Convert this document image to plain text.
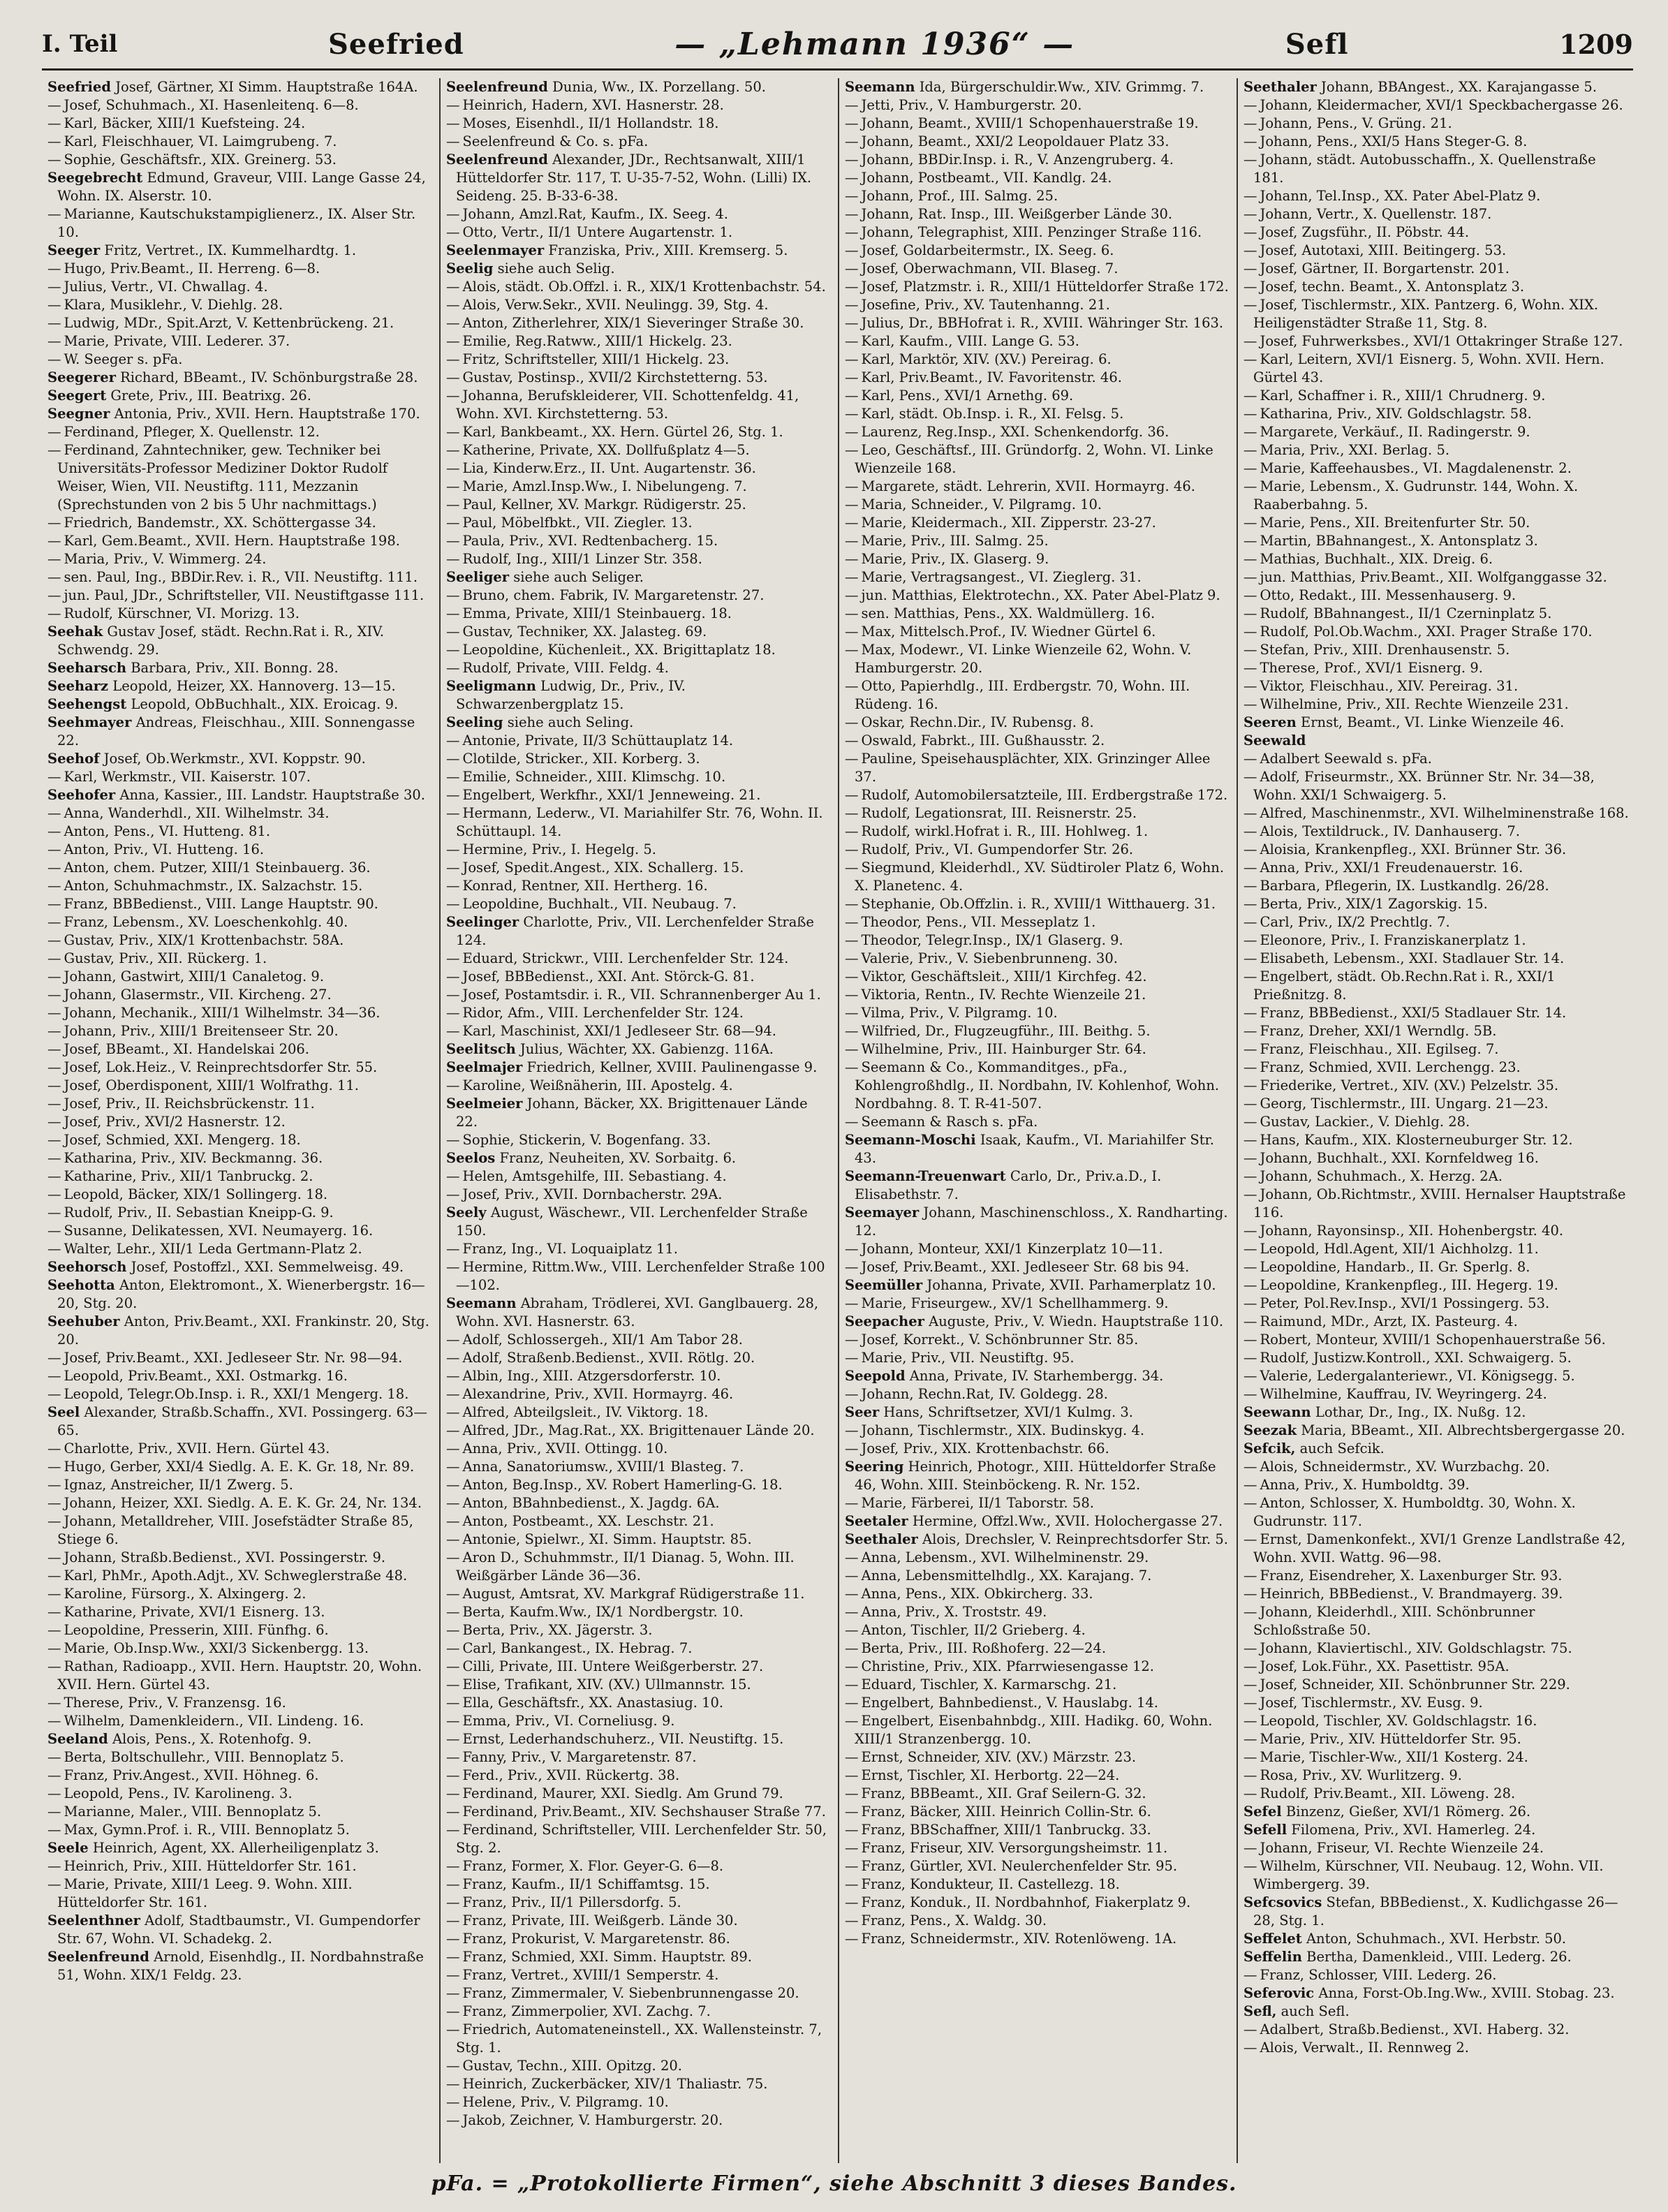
I. Teil	Seefried	— „Lehmann 1936“ —	Sefl	1209

Seefried Josef, Gärtner, XI Simm. Hauptstraße 164A.

— Josef, Schuhmach., XI. Hasenleitenq. 6—8.

— Karl, Bäcker, XIII/1 Kuefsteing. 24.

— Karl, Fleischhauer, VI. Laimgrubeng. 7.

— Sophie, Geschäftsfr., XIX. Greinerg. 53.

Seegebrecht Edmund, Graveur, VIII. Lange Gasse 24, Wohn. IX. Alserstr. 10.

— Marianne, Kautschukstampiglienerz., IX. Alser Str. 10.

Seeger Fritz, Vertret., IX. Kummelhardtg. 1.

— Hugo, Priv.Beamt., II. Herreng. 6—8.

— Julius, Vertr., VI. Chwallag. 4.

— Klara, Musiklehr., V. Diehlg. 28.

— Ludwig, MDr., Spit.Arzt, V. Kettenbrückeng. 21.

— Marie, Private, VIII. Lederer. 37.

— W. Seeger s. pFa.

Seegerer Richard, BBeamt., IV. Schönburgstraße 28.

Seegert Grete, Priv., III. Beatrixg. 26.

Seegner Antonia, Priv., XVII. Hern. Hauptstraße 170.

— Ferdinand, Pfleger, X. Quellenstr. 12.

— Ferdinand, Zahntechniker, gew. Techniker bei Universitäts-Professor Mediziner Doktor Rudolf Weiser, Wien, VII. Neustiftg. 111, Mezzanin (Sprechstunden von 2 bis 5 Uhr nachmittags.)

— Friedrich, Bandemstr., XX. Schöttergasse 34.

— Karl, Gem.Beamt., XVII. Hern. Hauptstraße 198.

— Maria, Priv., V. Wimmerg. 24.

— sen. Paul, Ing., BBDir.Rev. i. R., VII. Neustiftg. 111.

— jun. Paul, JDr., Schriftsteller, VII. Neustiftgasse 111.

— Rudolf, Kürschner, VI. Morizg. 13.

Seehak Gustav Josef, städt. Rechn.Rat i. R., XIV. Schwendg. 29.

Seeharsch Barbara, Priv., XII. Bonng. 28.

Seeharz Leopold, Heizer, XX. Hannoverg. 13—15.

Seehengst Leopold, ObBuchhalt., XIX. Eroicag. 9.

Seehmayer Andreas, Fleischhau., XIII. Sonnengasse 22.

Seehof Josef, Ob.Werkmstr., XVI. Koppstr. 90.

— Karl, Werkmstr., VII. Kaiserstr. 107.

Seehofer Anna, Kassier., III. Landstr. Hauptstraße 30.

— Anna, Wanderhdl., XII. Wilhelmstr. 34.

— Anton, Pens., VI. Hutteng. 81.

— Anton, Priv., VI. Hutteng. 16.

— Anton, chem. Putzer, XIII/1 Steinbauerg. 36.

— Anton, Schuhmachmstr., IX. Salzachstr. 15.

— Franz, BBBedienst., VIII. Lange Hauptstr. 90.

— Franz, Lebensm., XV. Loeschenkohlg. 40.

— Gustav, Priv., XIX/1 Krottenbachstr. 58A.

— Gustav, Priv., XII. Rückerg. 1.

— Johann, Gastwirt, XIII/1 Canaletog. 9.

— Johann, Glasermstr., VII. Kircheng. 27.

— Johann, Mechanik., XIII/1 Wilhelmstr. 34—36.

— Johann, Priv., XIII/1 Breitenseer Str. 20.

— Josef, BBeamt., XI. Handelskai 206.

— Josef, Lok.Heiz., V. Reinprechtsdorfer Str. 55.

— Josef, Oberdisponent, XIII/1 Wolfrathg. 11.

— Josef, Priv., II. Reichsbrückenstr. 11.

— Josef, Priv., XVI/2 Hasnerstr. 12.

— Josef, Schmied, XXI. Mengerg. 18.

— Katharina, Priv., XIV. Beckmanng. 36.

— Katharine, Priv., XII/1 Tanbruckg. 2.

— Leopold, Bäcker, XIX/1 Sollingerg. 18.

— Rudolf, Priv., II. Sebastian Kneipp-G. 9.

— Susanne, Delikatessen, XVI. Neumayerg. 16.

— Walter, Lehr., XII/1 Leda Gertmann-Platz 2.

Seehorsch Josef, Postoffzl., XXI. Semmelweisg. 49.

Seehotta Anton, Elektromont., X. Wienerbergstr. 16—20, Stg. 20.

Seehuber Anton, Priv.Beamt., XXI. Frankinstr. 20, Stg. 20.

— Josef, Priv.Beamt., XXI. Jedleseer Str. Nr. 98—94.

— Leopold, Priv.Beamt., XXI. Ostmarkg. 16.

— Leopold, Telegr.Ob.Insp. i. R., XXI/1 Mengerg. 18.

Seel Alexander, Straßb.Schaffn., XVI. Possingerg. 63—65.

— Charlotte, Priv., XVII. Hern. Gürtel 43.

— Hugo, Gerber, XXI/4 Siedlg. A. E. K. Gr. 18, Nr. 89.

— Ignaz, Anstreicher, II/1 Zwerg. 5.

— Johann, Heizer, XXI. Siedlg. A. E. K. Gr. 24, Nr. 134.

— Johann, Metalldreher, VIII. Josefstädter Straße 85, Stiege 6.

— Johann, Straßb.Bedienst., XVI. Possingerstr. 9.

— Karl, PhMr., Apoth.Adjt., XV. Schweglerstraße 48.

— Karoline, Fürsorg., X. Alxingerg. 2.

— Katharine, Private, XVI/1 Eisnerg. 13.

— Leopoldine, Presserin, XIII. Fünfhg. 6.

— Marie, Ob.Insp.Ww., XXI/3 Sickenbergg. 13.

— Rathan, Radioapp., XVII. Hern. Hauptstr. 20, Wohn. XVII. Hern. Gürtel 43.

— Therese, Priv., V. Franzensg. 16.

— Wilhelm, Damenkleidern., VII. Lindeng. 16.

Seeland Alois, Pens., X. Rotenhofg. 9.

— Berta, Boltschullehr., VIII. Bennoplatz 5.

— Franz, Priv.Angest., XVII. Höhneg. 6.

— Leopold, Pens., IV. Karolineng. 3.

— Marianne, Maler., VIII. Bennoplatz 5.

— Max, Gymn.Prof. i. R., VIII. Bennoplatz 5.

Seele Heinrich, Agent, XX. Allerheiligenplatz 3.

— Heinrich, Priv., XIII. Hütteldorfer Str. 161.

— Marie, Private, XIII/1 Leeg. 9. Wohn. XIII. Hütteldorfer Str. 161.

Seelenthner Adolf, Stadtbaumstr., VI. Gumpendorfer Str. 67, Wohn. VI. Schadekg. 2.

Seelenfreund Arnold, Eisenhdlg., II. Nordbahnstraße 51, Wohn. XIX/1 Feldg. 23.

Seelenfreund Dunia, Ww., IX. Porzellang. 50.

— Heinrich, Hadern, XVI. Hasnerstr. 28.

— Moses, Eisenhdl., II/1 Hollandstr. 18.

— Seelenfreund & Co. s. pFa.

Seelenfreund Alexander, JDr., Rechtsanwalt, XIII/1 Hütteldorfer Str. 117, T. U-35-7-52, Wohn. (Lilli) IX. Seideng. 25. B-33-6-38.

— Johann, Amzl.Rat, Kaufm., IX. Seeg. 4.

— Otto, Vertr., II/1 Untere Augartenstr. 1.

Seelenmayer Franziska, Priv., XIII. Kremserg. 5.

Seelig siehe auch Selig.

— Alois, städt. Ob.Offzl. i. R., XIX/1 Krottenbachstr. 54.

— Alois, Verw.Sekr., XVII. Neulingg. 39, Stg. 4.

— Anton, Zitherlehrer, XIX/1 Sieveringer Straße 30.

— Emilie, Reg.Ratww., XIII/1 Hickelg. 23.

— Fritz, Schriftsteller, XIII/1 Hickelg. 23.

— Gustav, Postinsp., XVII/2 Kirchstetterng. 53.

— Johanna, Berufskleiderer, VII. Schottenfeldg. 41, Wohn. XVI. Kirchstetterng. 53.

— Karl, Bankbeamt., XX. Hern. Gürtel 26, Stg. 1.

— Katherine, Private, XX. Dollfußplatz 4—5.

— Lia, Kinderw.Erz., II. Unt. Augartenstr. 36.

— Marie, Amzl.Insp.Ww., I. Nibelungeng. 7.

— Paul, Kellner, XV. Markgr. Rüdigerstr. 25.

— Paul, Möbelfbkt., VII. Ziegler. 13.

— Paula, Priv., XVI. Redtenbacherg. 15.

— Rudolf, Ing., XIII/1 Linzer Str. 358.

Seeliger siehe auch Seliger.

— Bruno, chem. Fabrik, IV. Margaretenstr. 27.

— Emma, Private, XIII/1 Steinbauerg. 18.

— Gustav, Techniker, XX. Jalasteg. 69.

— Leopoldine, Küchenleit., XX. Brigittaplatz 18.

— Rudolf, Private, VIII. Feldg. 4.

Seeligmann Ludwig, Dr., Priv., IV. Schwarzenbergplatz 15.

Seeling siehe auch Seling.

— Antonie, Private, II/3 Schüttauplatz 14.

— Clotilde, Stricker., XII. Korberg. 3.

— Emilie, Schneider., XIII. Klimschg. 10.

— Engelbert, Werkfhr., XXI/1 Jenneweing. 21.

— Hermann, Lederw., VI. Mariahilfer Str. 76, Wohn. II. Schüttaupl. 14.

— Hermine, Priv., I. Hegelg. 5.

— Josef, Spedit.Angest., XIX. Schallerg. 15.

— Konrad, Rentner, XII. Hertherg. 16.

— Leopoldine, Buchhalt., VII. Neubaug. 7.

Seelinger Charlotte, Priv., VII. Lerchenfelder Straße 124.

— Eduard, Strickwr., VIII. Lerchenfelder Str. 124.

— Josef, BBBedienst., XXI. Ant. Störck-G. 81.

— Josef, Postamtsdir. i. R., VII. Schrannenberger Au 1.

— Ridor, Afm., VIII. Lerchenfelder Str. 124.

— Karl, Maschinist, XXI/1 Jedleseer Str. 68—94.

Seelitsch Julius, Wächter, XX. Gabienzg. 116A.

Seelmajer Friedrich, Kellner, XVIII. Paulinengasse 9.

— Karoline, Weißnäherin, III. Apostelg. 4.

Seelmeier Johann, Bäcker, XX. Brigittenauer Lände 22.

— Sophie, Stickerin, V. Bogenfang. 33.

Seelos Franz, Neuheiten, XV. Sorbaitg. 6.

— Helen, Amtsgehilfe, III. Sebastiang. 4.

— Josef, Priv., XVII. Dornbacherstr. 29A.

Seely August, Wäschewr., VII. Lerchenfelder Straße 150.

— Franz, Ing., VI. Loquaiplatz 11.

— Hermine, Rittm.Ww., VIII. Lerchenfelder Straße 100—102.

Seemann Abraham, Trödlerei, XVI. Ganglbauerg. 28, Wohn. XVI. Hasnerstr. 63.

— Adolf, Schlossergeh., XII/1 Am Tabor 28.

— Adolf, Straßenb.Bedienst., XVII. Rötlg. 20.

— Albin, Ing., XIII. Atzgersdorferstr. 10.

— Alexandrine, Priv., XVII. Hormayrg. 46.

— Alfred, Abteilgsleit., IV. Viktorg. 18.

— Alfred, JDr., Mag.Rat., XX. Brigittenauer Lände 20.

— Anna, Priv., XVII. Ottingg. 10.

— Anna, Sanatoriumsw., XVIII/1 Blasteg. 7.

— Anton, Beg.Insp., XV. Robert Hamerling-G. 18.

— Anton, BBahnbedienst., X. Jagdg. 6A.

— Anton, Postbeamt., XX. Leschstr. 21.

— Antonie, Spielwr., XI. Simm. Hauptstr. 85.

— Aron D., Schuhmmstr., II/1 Dianag. 5, Wohn. III. Weißgärber Lände 36—36.

— August, Amtsrat, XV. Markgraf Rüdigerstraße 11.

— Berta, Kaufm.Ww., IX/1 Nordbergstr. 10.

— Berta, Priv., XX. Jägerstr. 3.

— Carl, Bankangest., IX. Hebrag. 7.

— Cilli, Private, III. Untere Weißgerberstr. 27.

— Elise, Trafikant, XIV. (XV.) Ullmannstr. 15.

— Ella, Geschäftsfr., XX. Anastasiug. 10.

— Emma, Priv., VI. Corneliusg. 9.

— Ernst, Lederhandschuherz., VII. Neustiftg. 15.

— Fanny, Priv., V. Margaretenstr. 87.

— Ferd., Priv., XVII. Rückertg. 38.

— Ferdinand, Maurer, XXI. Siedlg. Am Grund 79.

— Ferdinand, Priv.Beamt., XIV. Sechshauser Straße 77.

— Ferdinand, Schriftsteller, VIII. Lerchenfelder Str. 50, Stg. 2.

— Franz, Former, X. Flor. Geyer-G. 6—8.

— Franz, Kaufm., II/1 Schiffamtsg. 15.

— Franz, Priv., II/1 Pillersdorfg. 5.

— Franz, Private, III. Weißgerb. Lände 30.

— Franz, Prokurist, V. Margaretenstr. 86.

— Franz, Schmied, XXI. Simm. Hauptstr. 89.

— Franz, Vertret., XVIII/1 Semperstr. 4.

— Franz, Zimmermaler, V. Siebenbrunnengasse 20.

— Franz, Zimmerpolier, XVI. Zachg. 7.

— Friedrich, Automateneinstell., XX. Wallensteinstr. 7, Stg. 1.

— Gustav, Techn., XIII. Opitzg. 20.

— Heinrich, Zuckerbäcker, XIV/1 Thaliastr. 75.

— Helene, Priv., V. Pilgramg. 10.

— Jakob, Zeichner, V. Hamburgerstr. 20.

Seemann Ida, Bürgerschuldir.Ww., XIV. Grimmg. 7.

— Jetti, Priv., V. Hamburgerstr. 20.

— Johann, Beamt., XVIII/1 Schopenhauerstraße 19.

— Johann, Beamt., XXI/2 Leopoldauer Platz 33.

— Johann, BBDir.Insp. i. R., V. Anzengruberg. 4.

— Johann, Postbeamt., VII. Kandlg. 24.

— Johann, Prof., III. Salmg. 25.

— Johann, Rat. Insp., III. Weißgerber Lände 30.

— Johann, Telegraphist, XIII. Penzinger Straße 116.

— Josef, Goldarbeitermstr., IX. Seeg. 6.

— Josef, Oberwachmann, VII. Blaseg. 7.

— Josef, Platzmstr. i. R., XIII/1 Hütteldorfer Straße 172.

— Josefine, Priv., XV. Tautenhanng. 21.

— Julius, Dr., BBHofrat i. R., XVIII. Währinger Str. 163.

— Karl, Kaufm., VIII. Lange G. 53.

— Karl, Marktör, XIV. (XV.) Pereirag. 6.

— Karl, Priv.Beamt., IV. Favoritenstr. 46.

— Karl, Pens., XVI/1 Arnethg. 69.

— Karl, städt. Ob.Insp. i. R., XI. Felsg. 5.

— Laurenz, Reg.Insp., XXI. Schenkendorfg. 36.

— Leo, Geschäftsf., III. Gründorfg. 2, Wohn. VI. Linke Wienzeile 168.

— Margarete, städt. Lehrerin, XVII. Hormayrg. 46.

— Maria, Schneider., V. Pilgramg. 10.

— Marie, Kleidermach., XII. Zipperstr. 23-27.

— Marie, Priv., III. Salmg. 25.

— Marie, Priv., IX. Glaserg. 9.

— Marie, Vertragsangest., VI. Zieglerg. 31.

— jun. Matthias, Elektrotechn., XX. Pater Abel-Platz 9.

— sen. Matthias, Pens., XX. Waldmüllerg. 16.

— Max, Mittelsch.Prof., IV. Wiedner Gürtel 6.

— Max, Modewr., VI. Linke Wienzeile 62, Wohn. V. Hamburgerstr. 20.

— Otto, Papierhdlg., III. Erdbergstr. 70, Wohn. III. Rüdeng. 16.

— Oskar, Rechn.Dir., IV. Rubensg. 8.

— Oswald, Fabrkt., III. Gußhausstr. 2.

— Pauline, Speisehausplächter, XIX. Grinzinger Allee 37.

— Rudolf, Automobilersatzteile, III. Erdbergstraße 172.

— Rudolf, Legationsrat, III. Reisnerstr. 25.

— Rudolf, wirkl.Hofrat i. R., III. Hohlweg. 1.

— Rudolf, Priv., VI. Gumpendorfer Str. 26.

— Siegmund, Kleiderhdl., XV. Südtiroler Platz 6, Wohn. X. Planetenc. 4.

— Stephanie, Ob.Offzlin. i. R., XVIII/1 Witthauerg. 31.

— Theodor, Pens., VII. Messeplatz 1.

— Theodor, Telegr.Insp., IX/1 Glaserg. 9.

— Valerie, Priv., V. Siebenbrunneng. 30.

— Viktor, Geschäftsleit., XIII/1 Kirchfeg. 42.

— Viktoria, Rentn., IV. Rechte Wienzeile 21.

— Vilma, Priv., V. Pilgramg. 10.

— Wilfried, Dr., Flugzeugführ., III. Beithg. 5.

— Wilhelmine, Priv., III. Hainburger Str. 64.

— Seemann & Co., Kommanditges., pFa., Kohlengroßhdlg., II. Nordbahn, IV. Kohlenhof, Wohn. Nordbahng. 8. T. R-41-507.

— Seemann & Rasch s. pFa.

Seemann-Moschi Isaak, Kaufm., VI. Mariahilfer Str. 43.

Seemann-Treuenwart Carlo, Dr., Priv.a.D., I. Elisabethstr. 7.

Seemayer Johann, Maschinenschloss., X. Randharting. 12.

— Johann, Monteur, XXI/1 Kinzerplatz 10—11.

— Josef, Priv.Beamt., XXI. Jedleseer Str. 68 bis 94.

Seemüller Johanna, Private, XVII. Parhamerplatz 10.

— Marie, Friseurgew., XV/1 Schellhammerg. 9.

Seepacher Auguste, Priv., V. Wiedn. Hauptstraße 110.

— Josef, Korrekt., V. Schönbrunner Str. 85.

— Marie, Priv., VII. Neustiftg. 95.

Seepold Anna, Private, IV. Starhembergg. 34.

— Johann, Rechn.Rat, IV. Goldegg. 28.

Seer Hans, Schriftsetzer, XVI/1 Kulmg. 3.

— Johann, Tischlermstr., XIX. Budinskyg. 4.

— Josef, Priv., XIX. Krottenbachstr. 66.

Seering Heinrich, Photogr., XIII. Hütteldorfer Straße 46, Wohn. XIII. Steinböckeng. R. Nr. 152.

— Marie, Färberei, II/1 Taborstr. 58.

Seetaler Hermine, Offzl.Ww., XVII. Holochergasse 27.

Seethaler Alois, Drechsler, V. Reinprechtsdorfer Str. 5.

— Anna, Lebensm., XVI. Wilhelminenstr. 29.

— Anna, Lebensmittelhdlg., XX. Karajang. 7.

— Anna, Pens., XIX. Obkircherg. 33.

— Anna, Priv., X. Troststr. 49.

— Anton, Tischler, II/2 Grieberg. 4.

— Berta, Priv., III. Roßhoferg. 22—24.

— Christine, Priv., XIX. Pfarrwiesengasse 12.

— Eduard, Tischler, X. Karmarschg. 21.

— Engelbert, Bahnbedienst., V. Hauslabg. 14.

— Engelbert, Eisenbahnbdg., XIII. Hadikg. 60, Wohn. XIII/1 Stranzenbergg. 10.

— Ernst, Schneider, XIV. (XV.) Märzstr. 23.

— Ernst, Tischler, XI. Herbortg. 22—24.

— Franz, BBBeamt., XII. Graf Seilern-G. 32.

— Franz, Bäcker, XIII. Heinrich Collin-Str. 6.

— Franz, BBSchaffner, XIII/1 Tanbruckg. 33.

— Franz, Friseur, XIV. Versorgungsheimstr. 11.

— Franz, Gürtler, XVI. Neulerchenfelder Str. 95.

— Franz, Kondukteur, II. Castellezg. 18.

— Franz, Konduk., II. Nordbahnhof, Fiakerplatz 9.

— Franz, Pens., X. Waldg. 30.

— Franz, Schneidermstr., XIV. Rotenlöweng. 1A.

Seethaler Johann, BBAngest., XX. Karajangasse 5.

— Johann, Kleidermacher, XVI/1 Speckbachergasse 26.

— Johann, Pens., V. Grüng. 21.

— Johann, Pens., XXI/5 Hans Steger-G. 8.

— Johann, städt. Autobusschaffn., X. Quellenstraße 181.

— Johann, Tel.Insp., XX. Pater Abel-Platz 9.

— Johann, Vertr., X. Quellenstr. 187.

— Josef, Zugsführ., II. Pöbstr. 44.

— Josef, Autotaxi, XIII. Beitingerg. 53.

— Josef, Gärtner, II. Borgartenstr. 201.

— Josef, techn. Beamt., X. Antonsplatz 3.

— Josef, Tischlermstr., XIX. Pantzerg. 6, Wohn. XIX. Heiligenstädter Straße 11, Stg. 8.

— Josef, Fuhrwerksbes., XVI/1 Ottakringer Straße 127.

— Karl, Leitern, XVI/1 Eisnerg. 5, Wohn. XVII. Hern. Gürtel 43.

— Karl, Schaffner i. R., XIII/1 Chrudnerg. 9.

— Katharina, Priv., XIV. Goldschlagstr. 58.

— Margarete, Verkäuf., II. Radingerstr. 9.

— Maria, Priv., XXI. Berlag. 5.

— Marie, Kaffeehausbes., VI. Magdalenenstr. 2.

— Marie, Lebensm., X. Gudrunstr. 144, Wohn. X. Raaberbahng. 5.

— Marie, Pens., XII. Breitenfurter Str. 50.

— Martin, BBahnangest., X. Antonsplatz 3.

— Mathias, Buchhalt., XIX. Dreig. 6.

— jun. Matthias, Priv.Beamt., XII. Wolfganggasse 32.

— Otto, Redakt., III. Messenhauserg. 9.

— Rudolf, BBahnangest., II/1 Czerninplatz 5.

— Rudolf, Pol.Ob.Wachm., XXI. Prager Straße 170.

— Stefan, Priv., XIII. Drenhausenstr. 5.

— Therese, Prof., XVI/1 Eisnerg. 9.

— Viktor, Fleischhau., XIV. Pereirag. 31.

— Wilhelmine, Priv., XII. Rechte Wienzeile 231.

Seeren Ernst, Beamt., VI. Linke Wienzeile 46.

Seewald

— Adalbert Seewald s. pFa.

— Adolf, Friseurmstr., XX. Brünner Str. Nr. 34—38, Wohn. XXI/1 Schwaigerg. 5.

— Alfred, Maschinenmstr., XVI. Wilhelminenstraße 168.

— Alois, Textildruck., IV. Danhauserg. 7.

— Aloisia, Krankenpfleg., XXI. Brünner Str. 36.

— Anna, Priv., XXI/1 Freudenauerstr. 16.

— Barbara, Pflegerin, IX. Lustkandlg. 26/28.

— Berta, Priv., XIX/1 Zagorskig. 15.

— Carl, Priv., IX/2 Prechtlg. 7.

— Eleonore, Priv., I. Franziskanerplatz 1.

— Elisabeth, Lebensm., XXI. Stadlauer Str. 14.

— Engelbert, städt. Ob.Rechn.Rat i. R., XXI/1 Prießnitzg. 8.

— Franz, BBBedienst., XXI/5 Stadlauer Str. 14.

— Franz, Dreher, XXI/1 Werndlg. 5B.

— Franz, Fleischhau., XII. Egilseg. 7.

— Franz, Schmied, XVII. Lerchengg. 23.

— Friederike, Vertret., XIV. (XV.) Pelzelstr. 35.

— Georg, Tischlermstr., III. Ungarg. 21—23.

— Gustav, Lackier., V. Diehlg. 28.

— Hans, Kaufm., XIX. Klosterneuburger Str. 12.

— Johann, Buchhalt., XXI. Kornfeldweg 16.

— Johann, Schuhmach., X. Herzg. 2A.

— Johann, Ob.Richtmstr., XVIII. Hernalser Hauptstraße 116.

— Johann, Rayonsinsp., XII. Hohenbergstr. 40.

— Leopold, Hdl.Agent, XII/1 Aichholzg. 11.

— Leopoldine, Handarb., II. Gr. Sperlg. 8.

— Leopoldine, Krankenpfleg., III. Hegerg. 19.

— Peter, Pol.Rev.Insp., XVI/1 Possingerg. 53.

— Raimund, MDr., Arzt, IX. Pasteurg. 4.

— Robert, Monteur, XVIII/1 Schopenhauerstraße 56.

— Rudolf, Justizw.Kontroll., XXI. Schwaigerg. 5.

— Valerie, Ledergalanteriewr., VI. Königsegg. 5.

— Wilhelmine, Kauffrau, IV. Weyringerg. 24.

Seewann Lothar, Dr., Ing., IX. Nußg. 12.

Seezak Maria, BBeamt., XII. Albrechtsbergergasse 20.

Sefcik, auch Sefcik.

— Alois, Schneidermstr., XV. Wurzbachg. 20.

— Anna, Priv., X. Humboldtg. 39.

— Anton, Schlosser, X. Humboldtg. 30, Wohn. X. Gudrunstr. 117.

— Ernst, Damenkonfekt., XVI/1 Grenze Landlstraße 42, Wohn. XVII. Wattg. 96—98.

— Franz, Eisendreher, X. Laxenburger Str. 93.

— Heinrich, BBBedienst., V. Brandmayerg. 39.

— Johann, Kleiderhdl., XIII. Schönbrunner Schloßstraße 50.

— Johann, Klaviertischl., XIV. Goldschlagstr. 75.

— Josef, Lok.Führ., XX. Pasettistr. 95A.

— Josef, Schneider, XII. Schönbrunner Str. 229.

— Josef, Tischlermstr., XV. Eusg. 9.

— Leopold, Tischler, XV. Goldschlagstr. 16.

— Marie, Priv., XIV. Hütteldorfer Str. 95.

— Marie, Tischler-Ww., XII/1 Kosterg. 24.

— Rosa, Priv., XV. Wurlitzerg. 9.

— Rudolf, Priv.Beamt., XII. Löweng. 28.

Sefel Binzenz, Gießer, XVI/1 Römerg. 26.

Sefell Filomena, Priv., XVI. Hamerleg. 24.

— Johann, Friseur, VI. Rechte Wienzeile 24.

— Wilhelm, Kürschner, VII. Neubaug. 12, Wohn. VII. Wimbergerg. 39.

Sefcsovics Stefan, BBBedienst., X. Kudlichgasse 26—28, Stg. 1.

Seffelet Anton, Schuhmach., XVI. Herbstr. 50.

Seffelin Bertha, Damenkleid., VIII. Lederg. 26.

— Franz, Schlosser, VIII. Lederg. 26.

Seferovic Anna, Forst-Ob.Ing.Ww., XVIII. Stobag. 23.

Sefl, auch Sefl.

— Adalbert, Straßb.Bedienst., XVI. Haberg. 32.

— Alois, Verwalt., II. Rennweg 2.

pFa. = „Protokollierte Firmen“, siehe Abschnitt 3 dieses Bandes.
